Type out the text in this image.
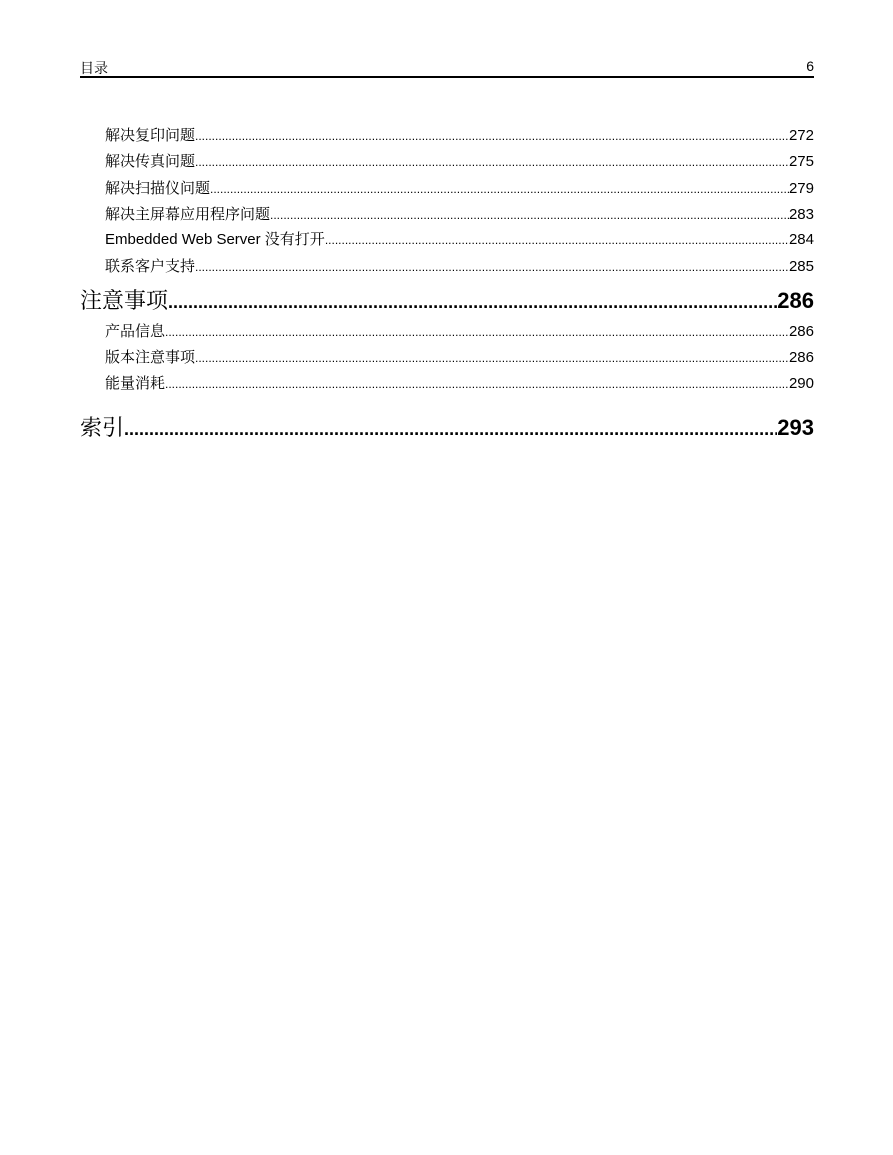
目录	6
解决复印问题 .....	272
解决传真问题 .....	275
解决扫描仪问题 .....	279
解决主屏幕应用程序问题 .....	283
Embedded Web Server 没有打开 .....	284
联系客户支持 .....	285
注意事项 .....	286
产品信息 .....	286
版本注意事项 .....	286
能量消耗 .....	290
索引 .....	293
